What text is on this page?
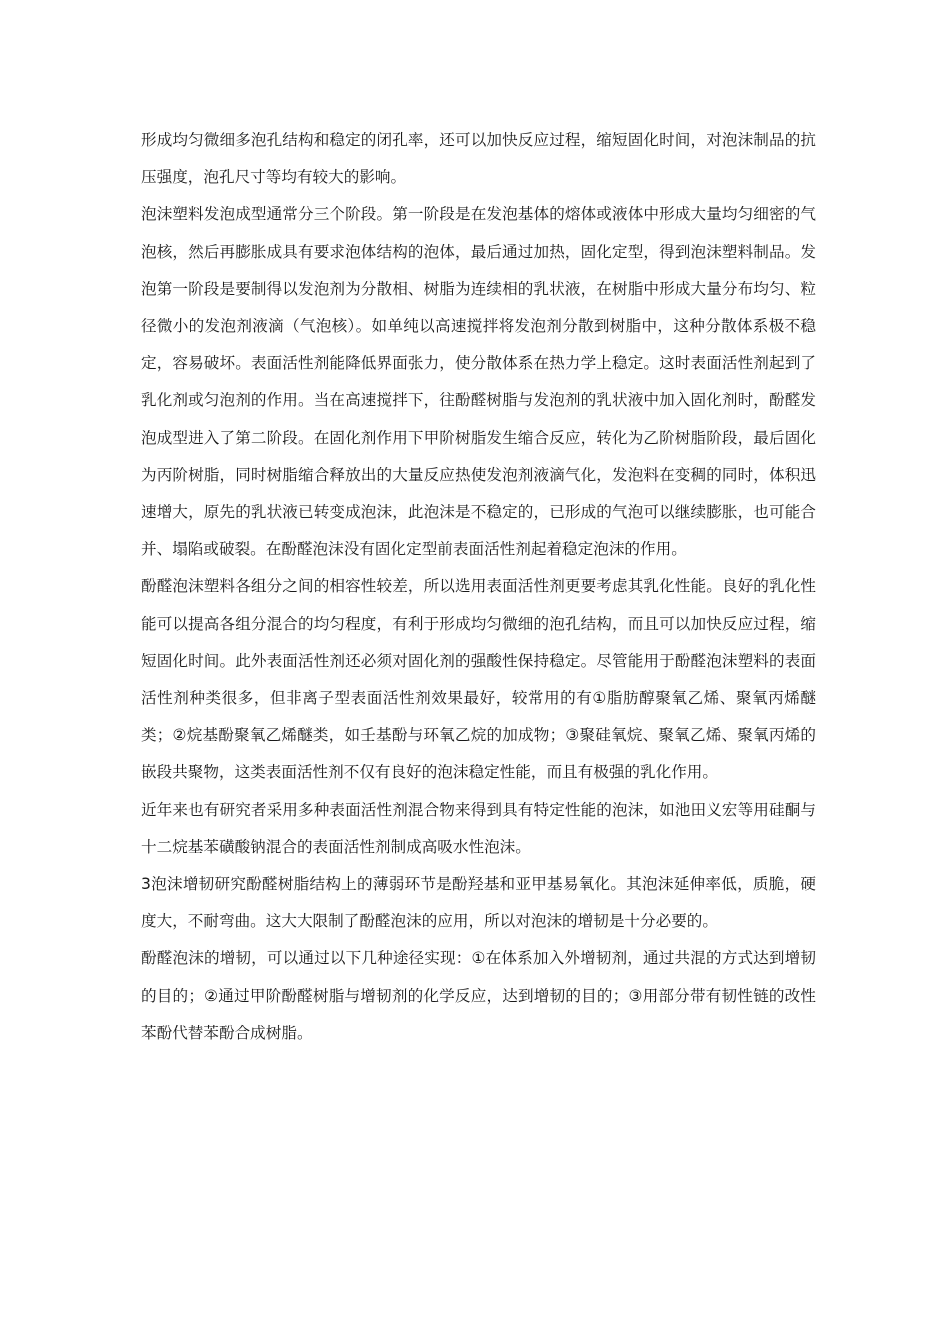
形成均匀微细多泡孔结构和稳定的闭孔率，还可以加快反应过程，缩短固化时间，对泡沫制品的抗压强度，泡孔尺寸等均有较大的影响。

泡沫塑料发泡成型通常分三个阶段。第一阶段是在发泡基体的熔体或液体中形成大量均匀细密的气泡核，然后再膨胀成具有要求泡体结构的泡体，最后通过加热，固化定型，得到泡沫塑料制品。发泡第一阶段是要制得以发泡剂为分散相、树脂为连续相的乳状液，在树脂中形成大量分布均匀、粒径微小的发泡剂液滴（气泡核）。如单纯以高速搅拌将发泡剂分散到树脂中，这种分散体系极不稳定，容易破坏。表面活性剂能降低界面张力，使分散体系在热力学上稳定。这时表面活性剂起到了乳化剂或匀泡剂的作用。当在高速搅拌下，往酚醛树脂与发泡剂的乳状液中加入固化剂时，酚醛发泡成型进入了第二阶段。在固化剂作用下甲阶树脂发生缩合反应，转化为乙阶树脂阶段，最后固化为丙阶树脂，同时树脂缩合释放出的大量反应热使发泡剂液滴气化，发泡料在变稠的同时，体积迅速增大，原先的乳状液已转变成泡沫，此泡沫是不稳定的，已形成的气泡可以继续膨胀，也可能合并、塌陷或破裂。在酚醛泡沫没有固化定型前表面活性剂起着稳定泡沫的作用。

酚醛泡沫塑料各组分之间的相容性较差，所以选用表面活性剂更要考虑其乳化性能。良好的乳化性能可以提高各组分混合的均匀程度，有利于形成均匀微细的泡孔结构，而且可以加快反应过程，缩短固化时间。此外表面活性剂还必须对固化剂的强酸性保持稳定。尽管能用于酚醛泡沫塑料的表面活性剂种类很多，但非离子型表面活性剂效果最好，较常用的有①脂肪醇聚氧乙烯、聚氧丙烯醚类；②烷基酚聚氧乙烯醚类，如壬基酚与环氧乙烷的加成物；③聚硅氧烷、聚氧乙烯、聚氧丙烯的嵌段共聚物，这类表面活性剂不仅有良好的泡沫稳定性能，而且有极强的乳化作用。

近年来也有研究者采用多种表面活性剂混合物来得到具有特定性能的泡沫，如池田义宏等用硅酮与十二烷基苯磺酸钠混合的表面活性剂制成高吸水性泡沫。

3泡沫增韧研究酚醛树脂结构上的薄弱环节是酚羟基和亚甲基易氧化。其泡沫延伸率低，质脆，硬度大，不耐弯曲。这大大限制了酚醛泡沫的应用，所以对泡沫的增韧是十分必要的。

酚醛泡沫的增韧，可以通过以下几种途径实现：①在体系加入外增韧剂，通过共混的方式达到增韧的目的；②通过甲阶酚醛树脂与增韧剂的化学反应，达到增韧的目的；③用部分带有韧性链的改性苯酚代替苯酚合成树脂。
